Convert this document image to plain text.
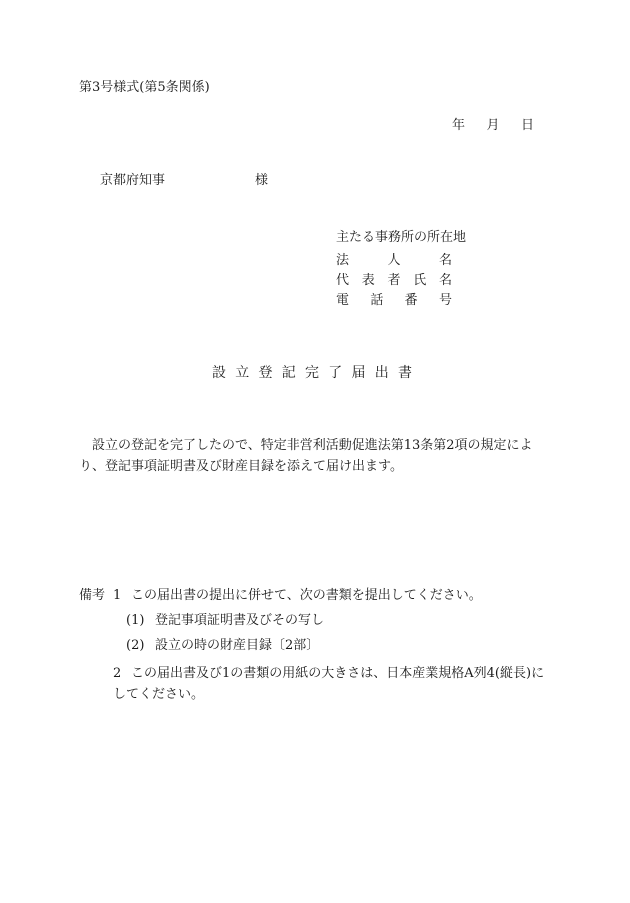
第3号様式(第5条関係)

年 月 日

京都府知事	様

主たる事務所の所在地

法	人	名
代 表 者 氏 名
電 話 番 号
設 立 登 記 完 了 届 出 書

設立の登記を完了したので、特定非営利活動促進法第13条第2項の規定により、登記事項証明書及び財産目録を添えて届け出ます。

備考 1 この届出書の提出に併せて、次の書類を提出してください。

(1) 登記事項証明書及びその写し

(2) 設立の時の財産目録〔2部〕

2 この届出書及び1の書類の用紙の大きさは、日本産業規格A列4(縦長)にしてください。
